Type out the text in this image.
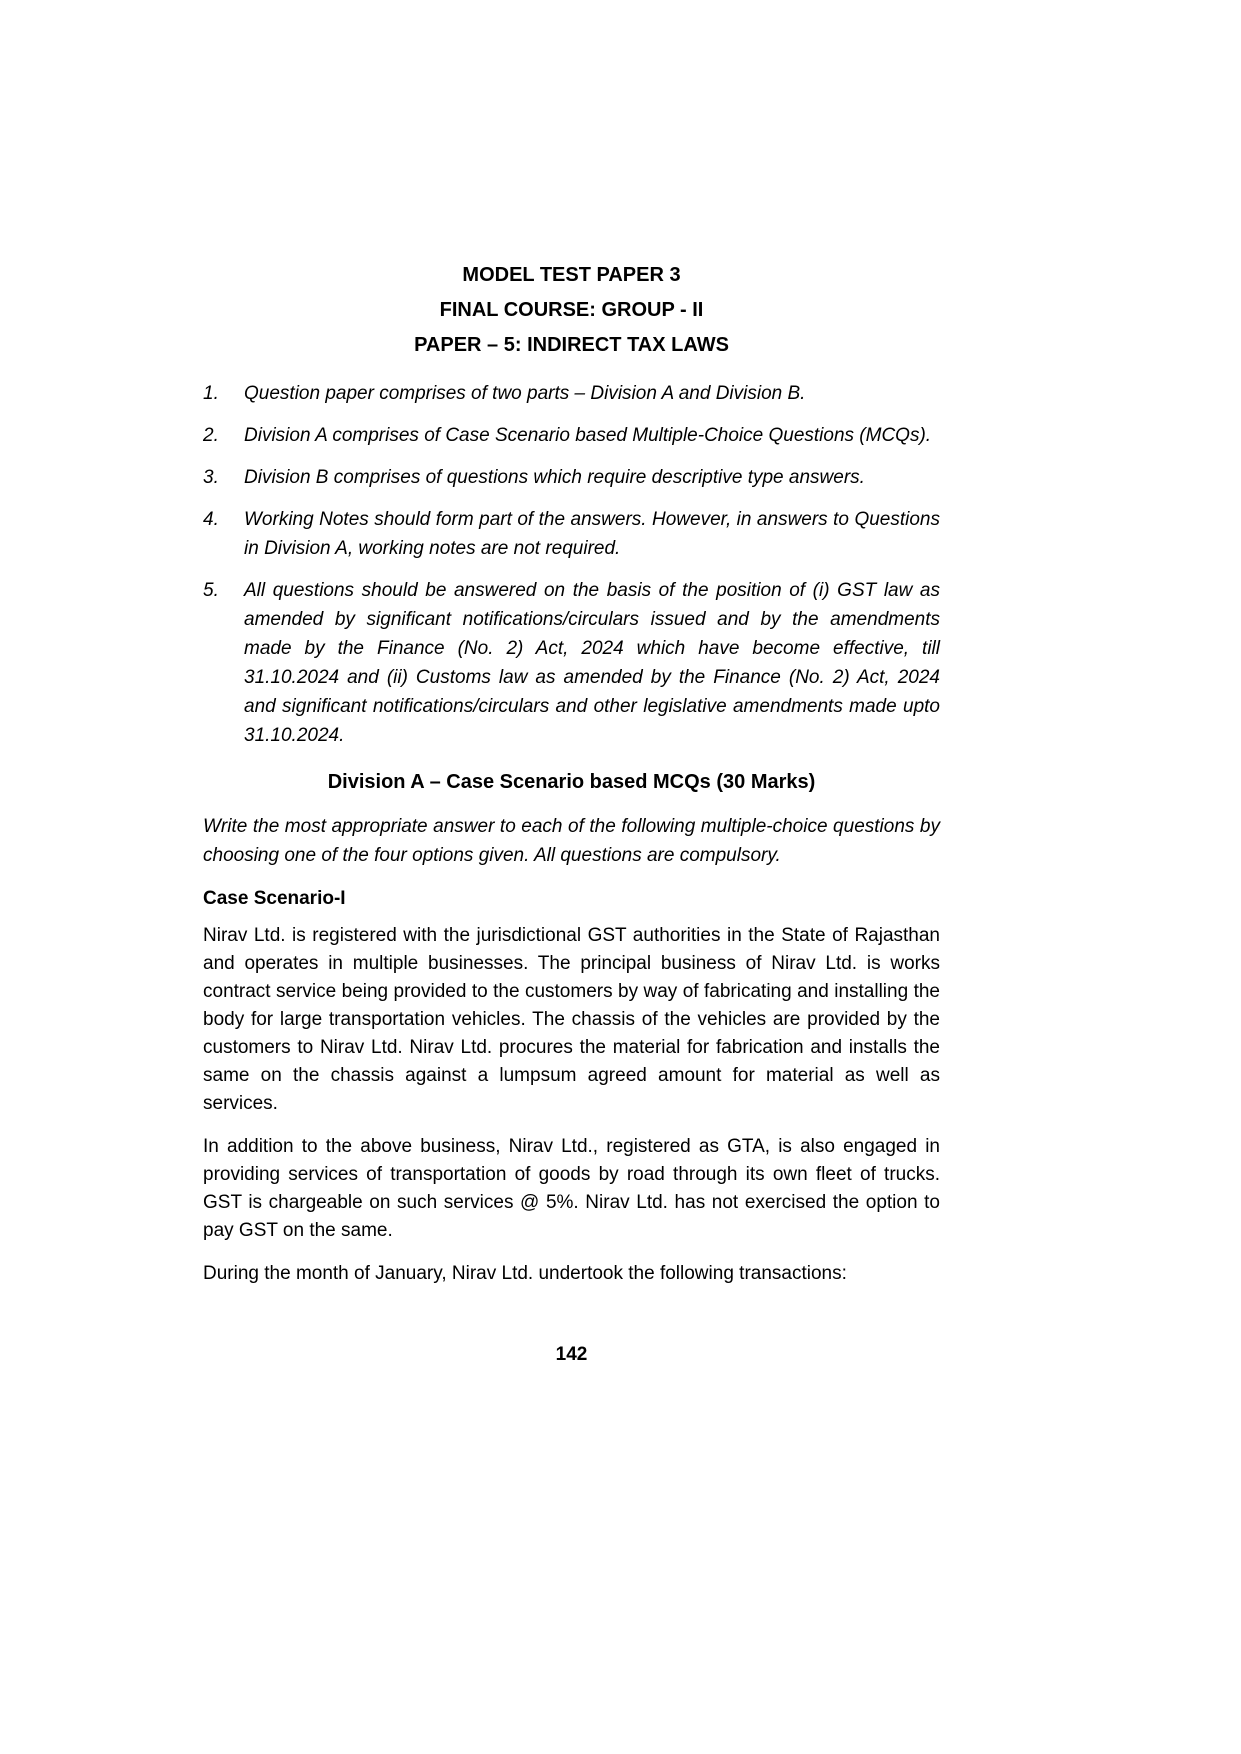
MODEL TEST PAPER 3
FINAL COURSE: GROUP - II
PAPER – 5: INDIRECT TAX LAWS
1.	Question paper comprises of two parts – Division A and Division B.
2.	Division A comprises of Case Scenario based Multiple-Choice Questions (MCQs).
3.	Division B comprises of questions which require descriptive type answers.
4.	Working Notes should form part of the answers. However, in answers to Questions in Division A, working notes are not required.
5.	All questions should be answered on the basis of the position of (i) GST law as amended by significant notifications/circulars issued and by the amendments made by the Finance (No. 2) Act, 2024 which have become effective, till 31.10.2024 and (ii) Customs law as amended by the Finance (No. 2) Act, 2024 and significant notifications/circulars and other legislative amendments made upto 31.10.2024.
Division A – Case Scenario based MCQs (30 Marks)

Write the most appropriate answer to each of the following multiple-choice questions by choosing one of the four options given. All questions are compulsory.

Case Scenario-I

Nirav Ltd. is registered with the jurisdictional GST authorities in the State of Rajasthan and operates in multiple businesses. The principal business of Nirav Ltd. is works contract service being provided to the customers by way of fabricating and installing the body for large transportation vehicles. The chassis of the vehicles are provided by the customers to Nirav Ltd. Nirav Ltd. procures the material for fabrication and installs the same on the chassis against a lumpsum agreed amount for material as well as services.

In addition to the above business, Nirav Ltd., registered as GTA, is also engaged in providing services of transportation of goods by road through its own fleet of trucks. GST is chargeable on such services @ 5%. Nirav Ltd. has not exercised the option to pay GST on the same.

During the month of January, Nirav Ltd. undertook the following transactions:

142
